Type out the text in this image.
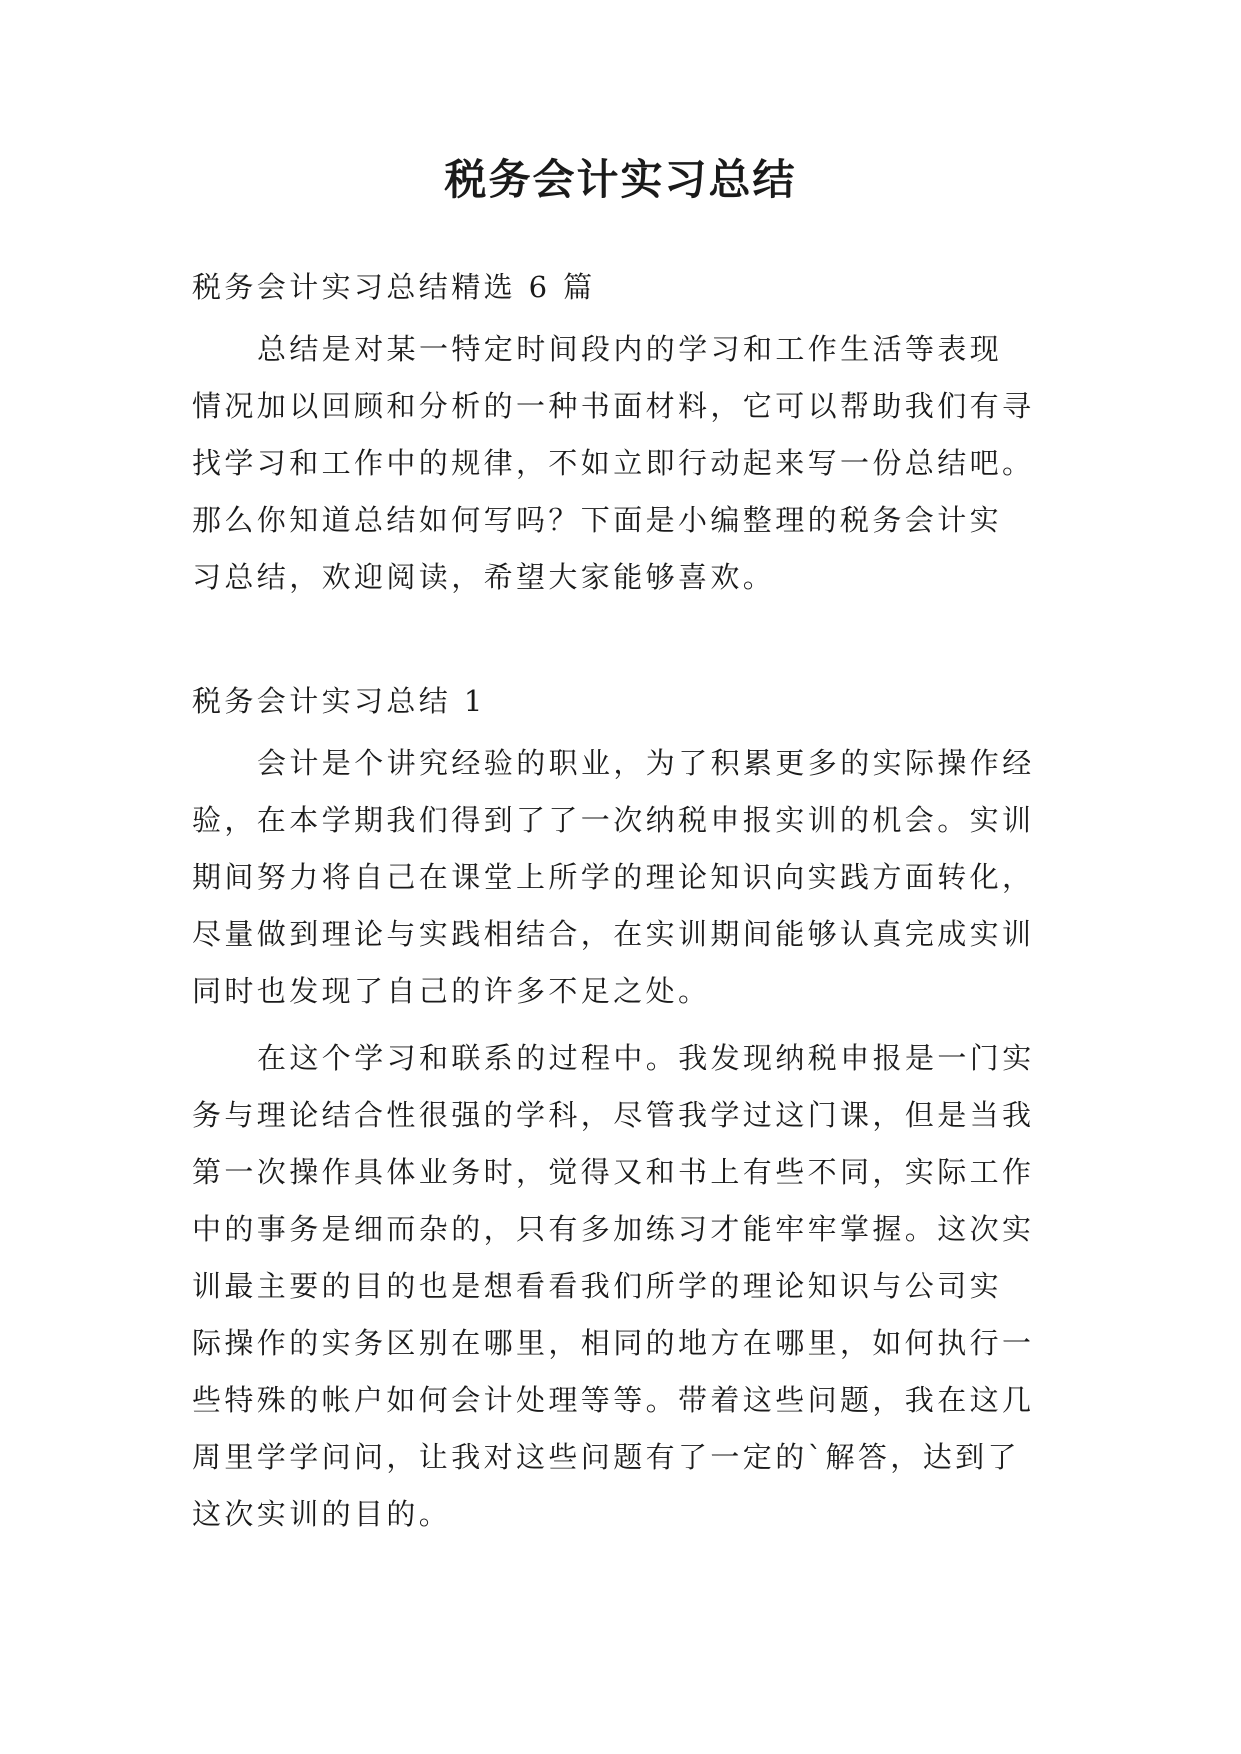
税务会计实习总结

税务会计实习总结精选 6 篇

总结是对某一特定时间段内的学习和工作生活等表现

情况加以回顾和分析的一种书面材料，它可以帮助我们有寻

找学习和工作中的规律，不如立即行动起来写一份总结吧。

那么你知道总结如何写吗？下面是小编整理的税务会计实

习总结，欢迎阅读，希望大家能够喜欢。

税务会计实习总结 1

会计是个讲究经验的职业，为了积累更多的实际操作经

验，在本学期我们得到了了一次纳税申报实训的机会。实训

期间努力将自己在课堂上所学的理论知识向实践方面转化，

尽量做到理论与实践相结合，在实训期间能够认真完成实训

同时也发现了自己的许多不足之处。

在这个学习和联系的过程中。我发现纳税申报是一门实

务与理论结合性很强的学科，尽管我学过这门课，但是当我

第一次操作具体业务时，觉得又和书上有些不同，实际工作

中的事务是细而杂的，只有多加练习才能牢牢掌握。这次实

训最主要的目的也是想看看我们所学的理论知识与公司实

际操作的实务区别在哪里，相同的地方在哪里，如何执行一

些特殊的帐户如何会计处理等等。带着这些问题，我在这几

周里学学问问，让我对这些问题有了一定的`解答，达到了

这次实训的目的。
